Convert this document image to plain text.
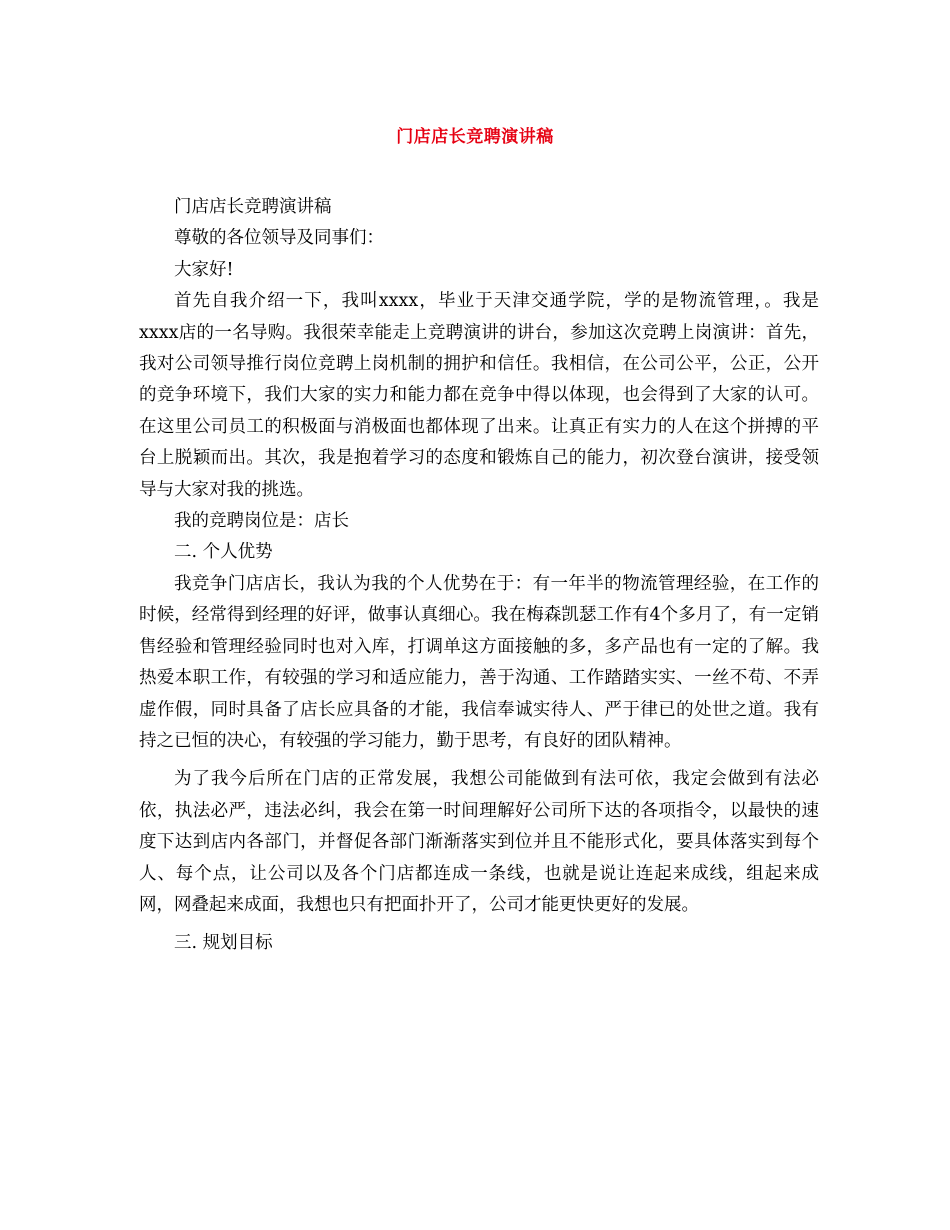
门店店长竞聘演讲稿

门店店长竞聘演讲稿

尊敬的各位领导及同事们：

大家好!

首先自我介绍一下，我叫xxxx，毕业于天津交通学院，学的是物流管理，。我是xxxx店的一名导购。我很荣幸能走上竞聘演讲的讲台，参加这次竞聘上岗演讲：首先，我对公司领导推行岗位竞聘上岗机制的拥护和信任。我相信，在公司公平，公正，公开的竞争环境下，我们大家的实力和能力都在竞争中得以体现，也会得到了大家的认可。在这里公司员工的积极面与消极面也都体现了出来。让真正有实力的人在这个拼搏的平台上脱颖而出。其次，我是抱着学习的态度和锻炼自己的能力，初次登台演讲，接受领导与大家对我的挑选。

我的竞聘岗位是：店长

二. 个人优势

我竞争门店店长，我认为我的个人优势在于：有一年半的物流管理经验，在工作的时候，经常得到经理的好评，做事认真细心。我在梅森凯瑟工作有4个多月了，有一定销售经验和管理经验同时也对入库，打调单这方面接触的多，多产品也有一定的了解。我热爱本职工作，有较强的学习和适应能力，善于沟通、工作踏踏实实、一丝不苟、不弄虚作假，同时具备了店长应具备的才能，我信奉诚实待人、严于律已的处世之道。我有持之已恒的决心，有较强的学习能力，勤于思考，有良好的团队精神。

为了我今后所在门店的正常发展，我想公司能做到有法可依，我定会做到有法必依，执法必严，违法必纠，我会在第一时间理解好公司所下达的各项指令，以最快的速度下达到店内各部门，并督促各部门渐渐落实到位并且不能形式化，要具体落实到每个人、每个点，让公司以及各个门店都连成一条线，也就是说让连起来成线，组起来成网，网叠起来成面，我想也只有把面扑开了，公司才能更快更好的发展。

三. 规划目标
